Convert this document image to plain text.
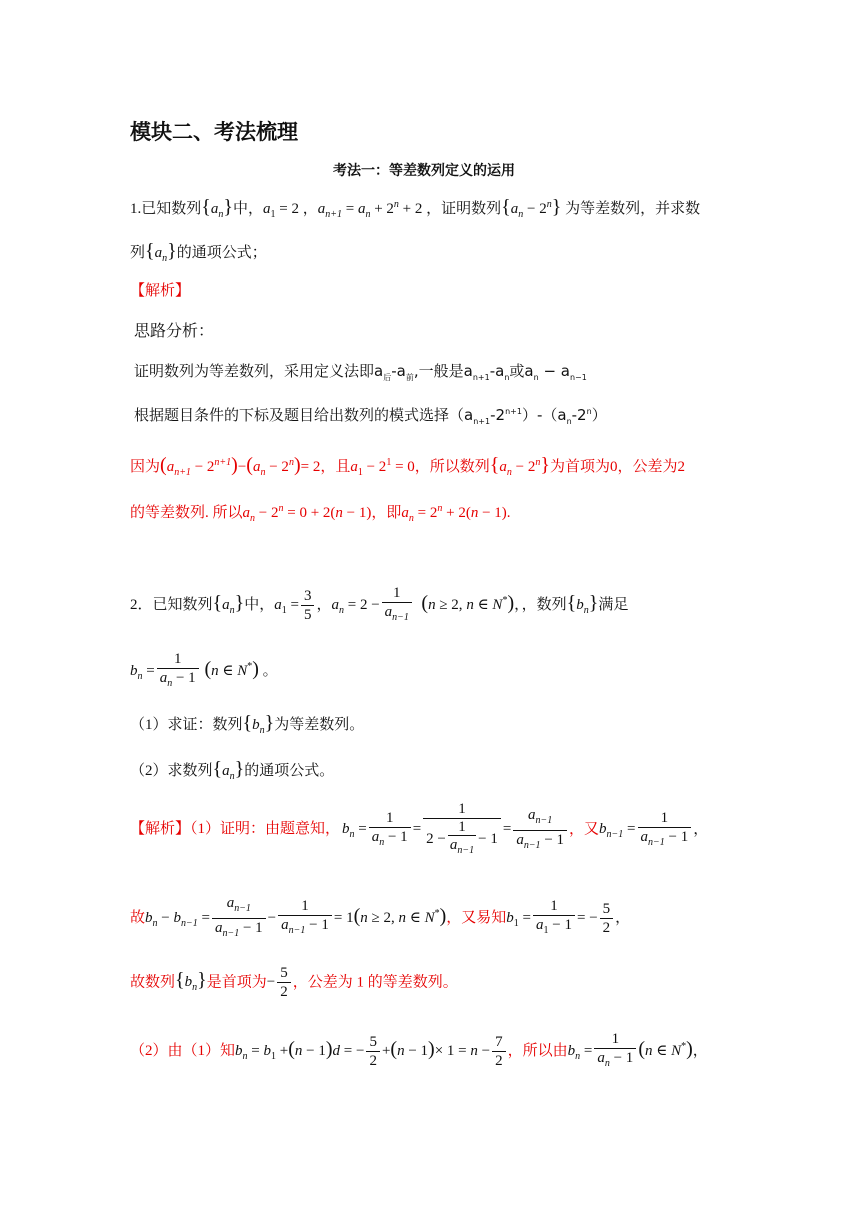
模块二、考法梳理
考法一：等差数列定义的运用
1.已知数列$\{a_n\}$中，$a_1 = 2$ ，$a_{n+1} = a_n + 2^n + 2$ ，证明数列$\{a_n - 2^n\}$ 为等差数列，并求数
列$\{a_n\}$的通项公式；
【解析】
思路分析：
证明数列为等差数列，采用定义法即$a_后-a_前$,一般是$a_{n+1}-a_n$或$a_n - a_{n-1}$
根据题目条件的下标及题目给出数列的模式选择$(a_{n+1}-2^{n+1})-(a_n-2^n)$
因为$(a_{n+1} - 2^{n+1})-(a_n - 2^n)= 2$，且$a_1 - 2^1 = 0$，所以数列$\{a_n - 2^n\}$为首项为0，公差为2
的等差数列. 所以$a_n - 2^n = 0 + 2(n - 1)$，即$a_n = 2^n + 2(n - 1)$.
2．已知数列$\{a_n\}$中，$a_1 = \frac{3}{5}$ ，$a_n = 2 - \frac{1}{a_{n-1}} (n \ge 2$, n ∈ N*)，，数列$\{b_n\}$满足
$b_n = \frac{1}{a_n - 1} (n$ ∈ N*) 。
（1）求证：数列$\{b_n\}$为等差数列。
（2）求数列$\{a_n\}$的通项公式。
【解析】（1）证明：由题意知， $b_n = \frac{1}{a_n - 1} = \frac{1}{2 - \frac{1}{a_{n-1}} - 1} = \frac{a_{n-1}}{a_{n-1} - 1}$ ，又$b_{n-1} = \frac{1}{a_{n-1} - 1}$ ，
故$b_n - b_{n-1} = \frac{a_{n-1}}{a_{n-1} - 1} - \frac{1}{a_{n-1} - 1} = 1(n \ge 2$, n ∈ N*)，又易知$b_1 = \frac{1}{a_1 - 1}$ = − $\frac{5}{2}$ ，
故数列$\{b_n\}$是首项为− $\frac{5}{2}$ ，公差为 1 的等差数列。
（2）由（1）知$b_n = b_1 +(n - 1)d$ = − $\frac{5}{2} +(n - 1)\times 1 = n - \frac{7}{2}$ ，所以由$b_n = \frac{1}{a_n - 1} (n$ ∈ N*)，
